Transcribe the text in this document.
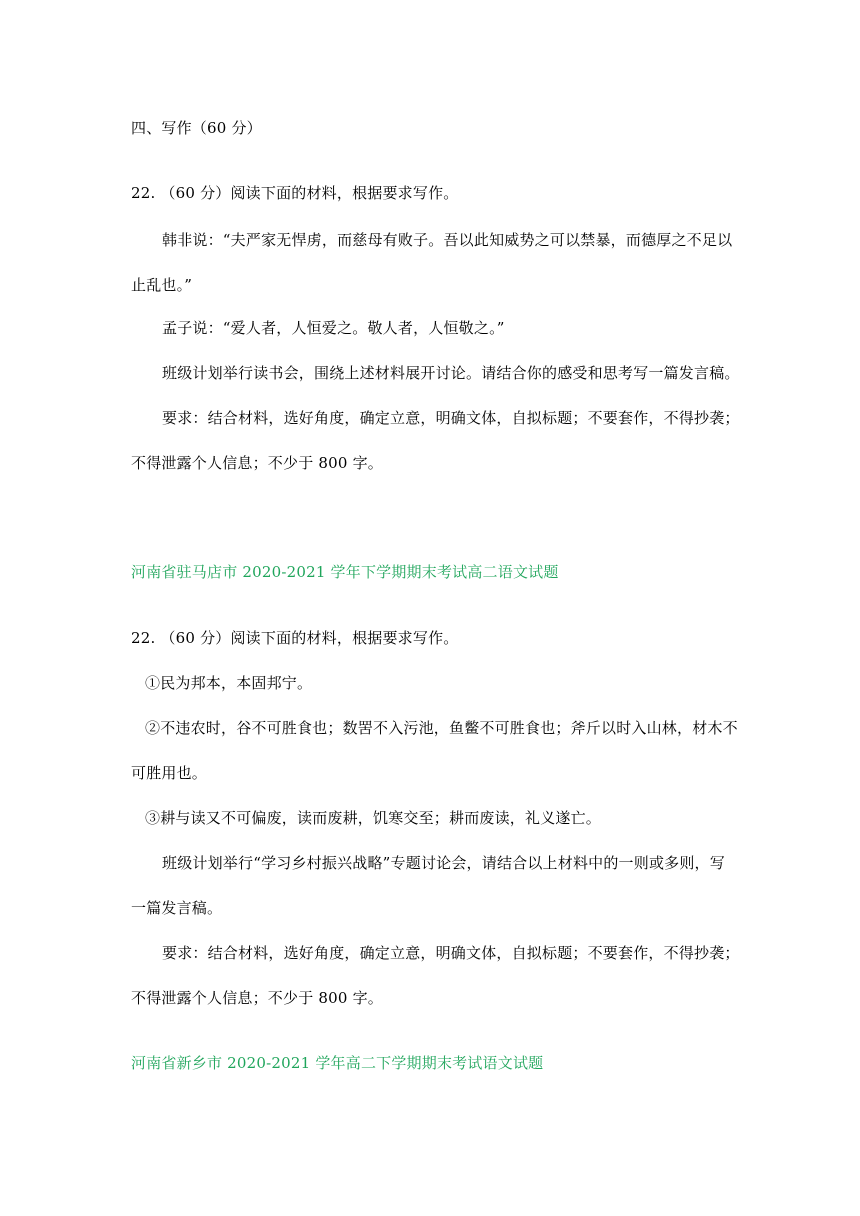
四、写作（60 分）
22. （60 分）阅读下面的材料，根据要求写作。
韩非说：“夫严家无悍虏，而慈母有败子。吾以此知威势之可以禁暴，而德厚之不足以
止乱也。”
孟子说：“爱人者，人恒爱之。敬人者，人恒敬之。”
班级计划举行读书会，围绕上述材料展开讨论。请结合你的感受和思考写一篇发言稿。
要求：结合材料，选好角度，确定立意，明确文体，自拟标题；不要套作，不得抄袭；
不得泄露个人信息；不少于 800 字。
河南省驻马店市 2020-2021 学年下学期期末考试高二语文试题
22. （60 分）阅读下面的材料，根据要求写作。
①民为邦本，本固邦宁。
②不违农时，谷不可胜食也；数罟不入污池，鱼鳖不可胜食也；斧斤以时入山林，材木不
可胜用也。
③耕与读又不可偏废，读而废耕，饥寒交至；耕而废读，礼义遂亡。
班级计划举行“学习乡村振兴战略”专题讨论会，请结合以上材料中的一则或多则，写
一篇发言稿。
要求：结合材料，选好角度，确定立意，明确文体，自拟标题；不要套作，不得抄袭；
不得泄露个人信息；不少于 800 字。
河南省新乡市 2020-2021 学年高二下学期期末考试语文试题
